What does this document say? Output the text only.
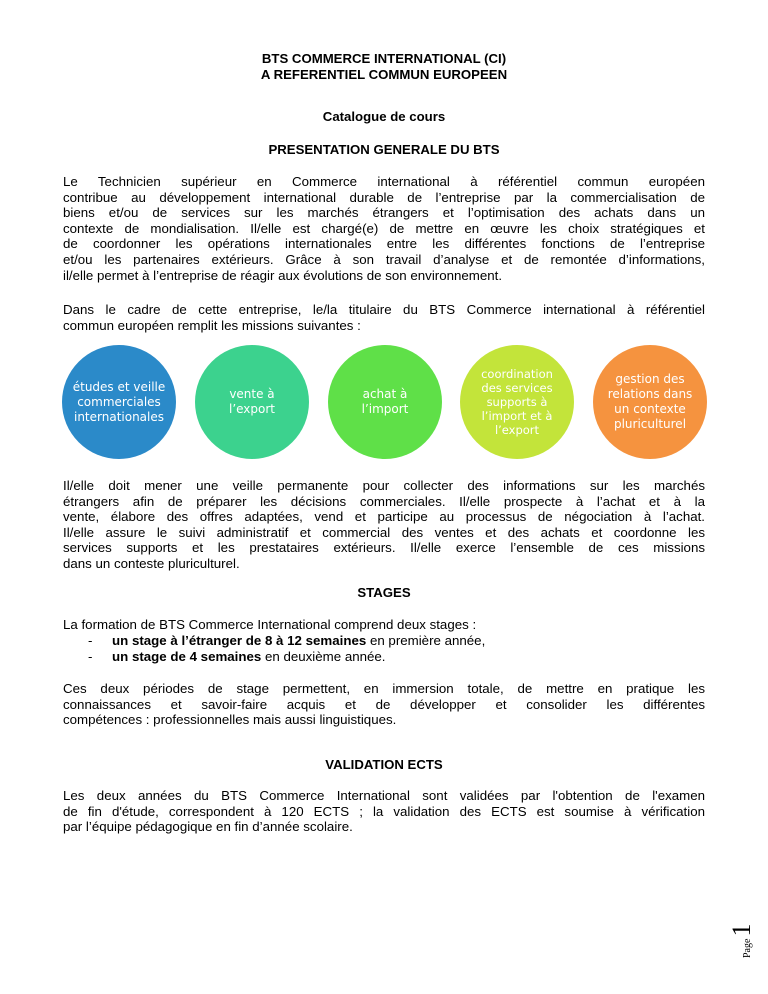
BTS COMMERCE INTERNATIONAL (CI)
A REFERENTIEL COMMUN EUROPEEN
Catalogue de cours
PRESENTATION GENERALE DU BTS
Le Technicien supérieur en Commerce international à référentiel commun européen
contribue au développement international durable de l’entreprise par la commercialisation de
biens et/ou de services sur les marchés étrangers et l’optimisation des achats dans un
contexte de mondialisation. Il/elle est chargé(e) de mettre en œuvre les choix stratégiques et
de coordonner les opérations internationales entre les différentes fonctions de l’entreprise
et/ou les partenaires extérieurs. Grâce à son travail d’analyse et de remontée d’informations,
il/elle permet à l’entreprise de réagir aux évolutions de son environnement.
Dans le cadre de cette entreprise, le/la titulaire du BTS Commerce international à référentiel
commun européen remplit les missions suivantes :
études et veille commerciales internationales
vente à l’export
achat à l’import
coordination des services supports à l’import et à l’export
gestion des relations dans un contexte pluriculturel
Il/elle doit mener une veille permanente pour collecter des informations sur les marchés
étrangers afin de préparer les décisions commerciales. Il/elle prospecte à l’achat et à la
vente, élabore des offres adaptées, vend et participe au processus de négociation à l’achat.
Il/elle assure le suivi administratif et commercial des ventes et des achats et coordonne les
services supports et les prestataires extérieurs. Il/elle exerce l’ensemble de ces missions
dans un conteste pluriculturel.
STAGES
La formation de BTS Commerce International comprend deux stages :
- un stage à l’étranger de 8 à 12 semaines en première année,
- un stage de 4 semaines en deuxième année.
Ces deux périodes de stage permettent, en immersion totale, de mettre en pratique les
connaissances et savoir-faire acquis et de développer et consolider les différentes
compétences : professionnelles mais aussi linguistiques.
VALIDATION ECTS
Les deux années du BTS Commerce International sont validées par l'obtention de l'examen
de fin d'étude, correspondent à 120 ECTS ; la validation des ECTS est soumise à vérification
par l’équipe pédagogique en fin d’année scolaire.
Page1
